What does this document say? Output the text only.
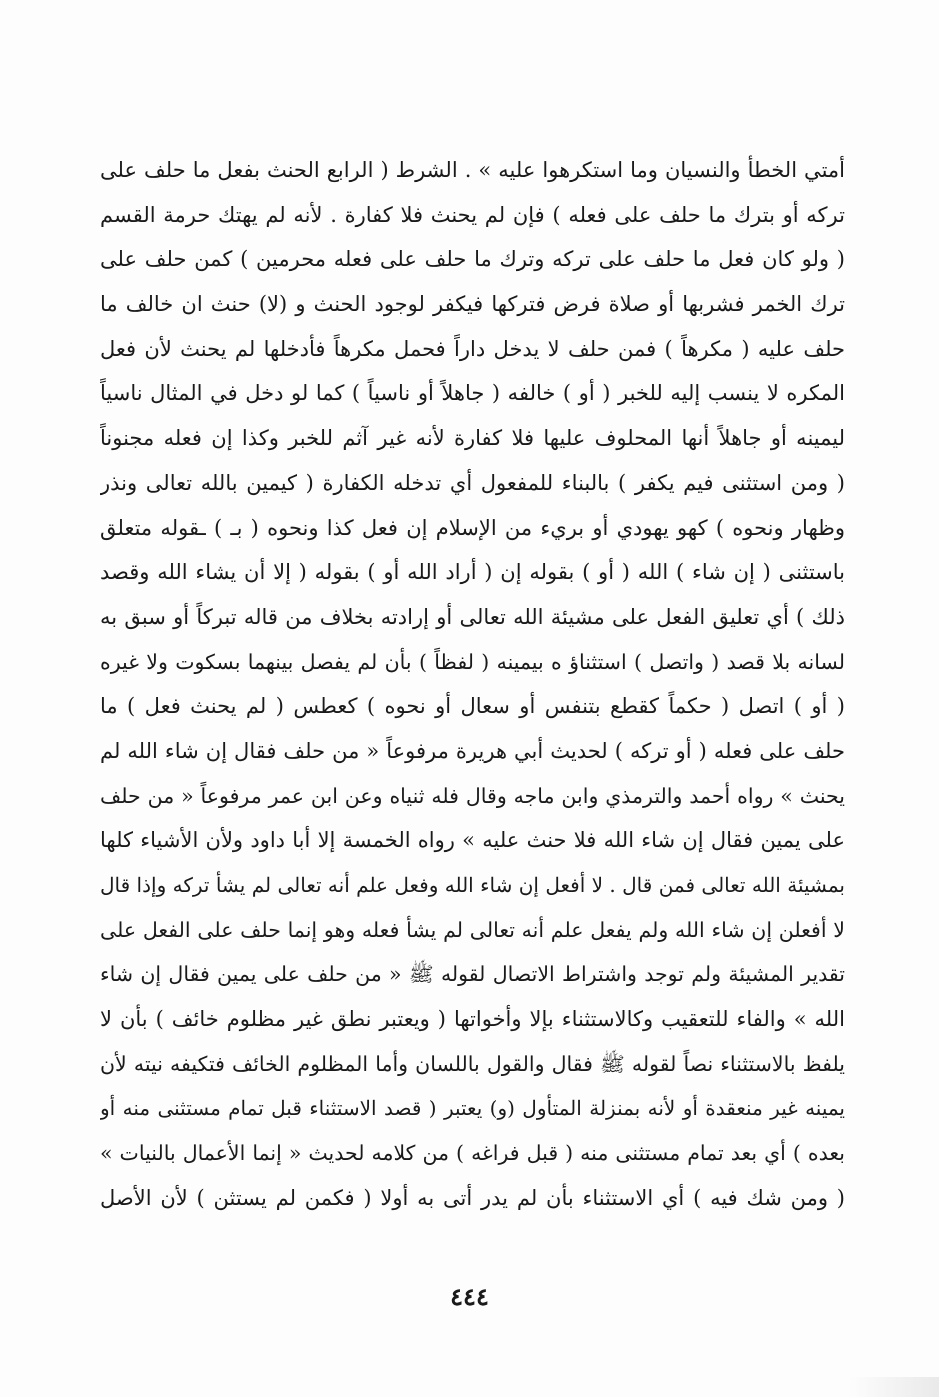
أمتي الخطأ والنسيان وما استكرهوا عليه » . الشرط ( الرابع الحنث بفعل ما حلف على
تركه أو بترك ما حلف على فعله ) فإن لم يحنث فلا كفارة . لأنه لم يهتك حرمة القسم
( ولو كان فعل ما حلف على تركه وترك ما حلف على فعله محرمين ) كمن حلف على
ترك الخمر فشربها أو صلاة فرض فتركها فيكفر لوجود الحنث و (لا) حنث ان خالف ما
حلف عليه ( مكرهاً ) فمن حلف لا يدخل داراً فحمل مكرهاً فأدخلها لم يحنث لأن فعل
المكره لا ينسب إليه للخبر ( أو ) خالفه ( جاهلاً أو ناسياً ) كما لو دخل في المثال ناسياً
ليمينه أو جاهلاً أنها المحلوف عليها فلا كفارة لأنه غير آثم للخبر وكذا إن فعله مجنوناً
( ومن استثنى فيم يكفر ) بالبناء للمفعول أي تدخله الكفارة ( كيمين بالله تعالى ونذر
وظهار ونحوه ) كهو يهودي أو بريء من الإسلام إن فعل كذا ونحوه ( بـ ) ـقوله متعلق
باستثنى ( إن شاء ) الله ( أو ) بقوله إن ( أراد الله أو ) بقوله ( إلا أن يشاء الله وقصد
ذلك ) أي تعليق الفعل على مشيئة الله تعالى أو إرادته بخلاف من قاله تبركاً أو سبق به
لسانه بلا قصد ( واتصل ) استثناؤ ه بيمينه ( لفظاً ) بأن لم يفصل بينهما بسكوت ولا غيره
( أو ) اتصل ( حكماً كقطع بتنفس أو سعال أو نحوه ) كعطس ( لم يحنث فعل ) ما
حلف على فعله ( أو تركه ) لحديث أبي هريرة مرفوعاً « من حلف فقال إن شاء الله لم
يحنث » رواه أحمد والترمذي وابن ماجه وقال فله ثنياه وعن ابن عمر مرفوعاً « من حلف
على يمين فقال إن شاء الله فلا حنث عليه » رواه الخمسة إلا أبا داود ولأن الأشياء كلها
بمشيئة الله تعالى فمن قال . لا أفعل إن شاء الله وفعل علم أنه تعالى لم يشأ تركه وإذا قال
لا أفعلن إن شاء الله ولم يفعل علم أنه تعالى لم يشأ فعله وهو إنما حلف على الفعل على
تقدير المشيئة ولم توجد واشتراط الاتصال لقوله ﷺ « من حلف على يمين فقال إن شاء
الله » والفاء للتعقيب وكالاستثناء بإلا وأخواتها ( ويعتبر نطق غير مظلوم خائف ) بأن لا
يلفظ بالاستثناء نصاً لقوله ﷺ فقال والقول باللسان وأما المظلوم الخائف فتكيفه نيته لأن
يمينه غير منعقدة أو لأنه بمنزلة المتأول (و) يعتبر ( قصد الاستثناء قبل تمام مستثنى منه أو
بعده ) أي بعد تمام مستثنى منه ( قبل فراغه ) من كلامه لحديث « إنما الأعمال بالنيات »
( ومن شك فيه ) أي الاستثناء بأن لم يدر أتى به أولا ( فكمن لم يستثن ) لأن الأصل
٤٤٤
